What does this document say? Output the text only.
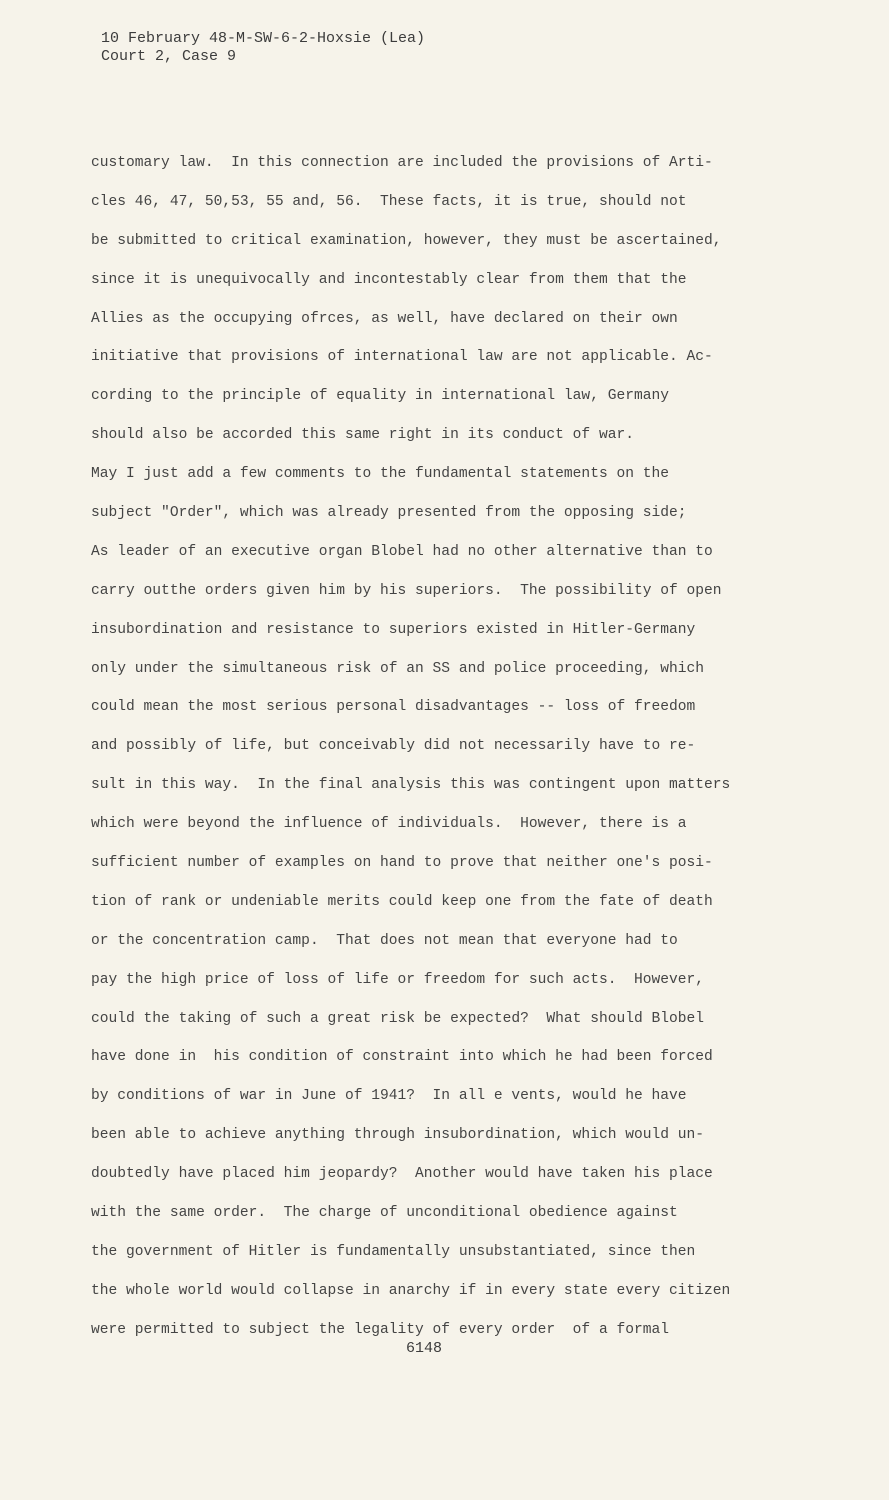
10 February 48-M-SW-6-2-Hoxsie (Lea)
Court 2, Case 9
customary law.  In this connection are included the provisions of Arti-
cles 46, 47, 50,53, 55 and, 56.  These facts, it is true, should not
be submitted to critical examination, however, they must be ascertained,
since it is unequivocally and incontestably clear from them that the
Allies as the occupying ofrces, as well, have declared on their own
initiative that provisions of international law are not applicable. Ac-
cording to the principle of equality in international law, Germany
should also be accorded this same right in its conduct of war.
May I just add a few comments to the fundamental statements on the
subject "Order", which was already presented from the opposing side;
As leader of an executive organ Blobel had no other alternative than to
carry outthe orders given him by his superiors.  The possibility of open
insubordination and resistance to superiors existed in Hitler-Germany
only under the simultaneous risk of an SS and police proceeding, which
could mean the most serious personal disadvantages -- loss of freedom
and possibly of life, but conceivably did not necessarily have to re-
sult in this way.  In the final analysis this was contingent upon matters
which were beyond the influence of individuals.  However, there is a
sufficient number of examples on hand to prove that neither one's posi-
tion of rank or undeniable merits could keep one from the fate of death
or the concentration camp.  That does not mean that everyone had to
pay the high price of loss of life or freedom for such acts.  However,
could the taking of such a great risk be expected?  What should Blobel
have done in  his condition of constraint into which he had been forced
by conditions of war in June of 1941?  In all e vents, would he have
been able to achieve anything through insubordination, which would un-
doubtedly have placed him jeopardy?  Another would have taken his place
with the same order.  The charge of unconditional obedience against
the government of Hitler is fundamentally unsubstantiated, since then
the whole world would collapse in anarchy if in every state every citizen
were permitted to subject the legality of every order  of a formal
6148
